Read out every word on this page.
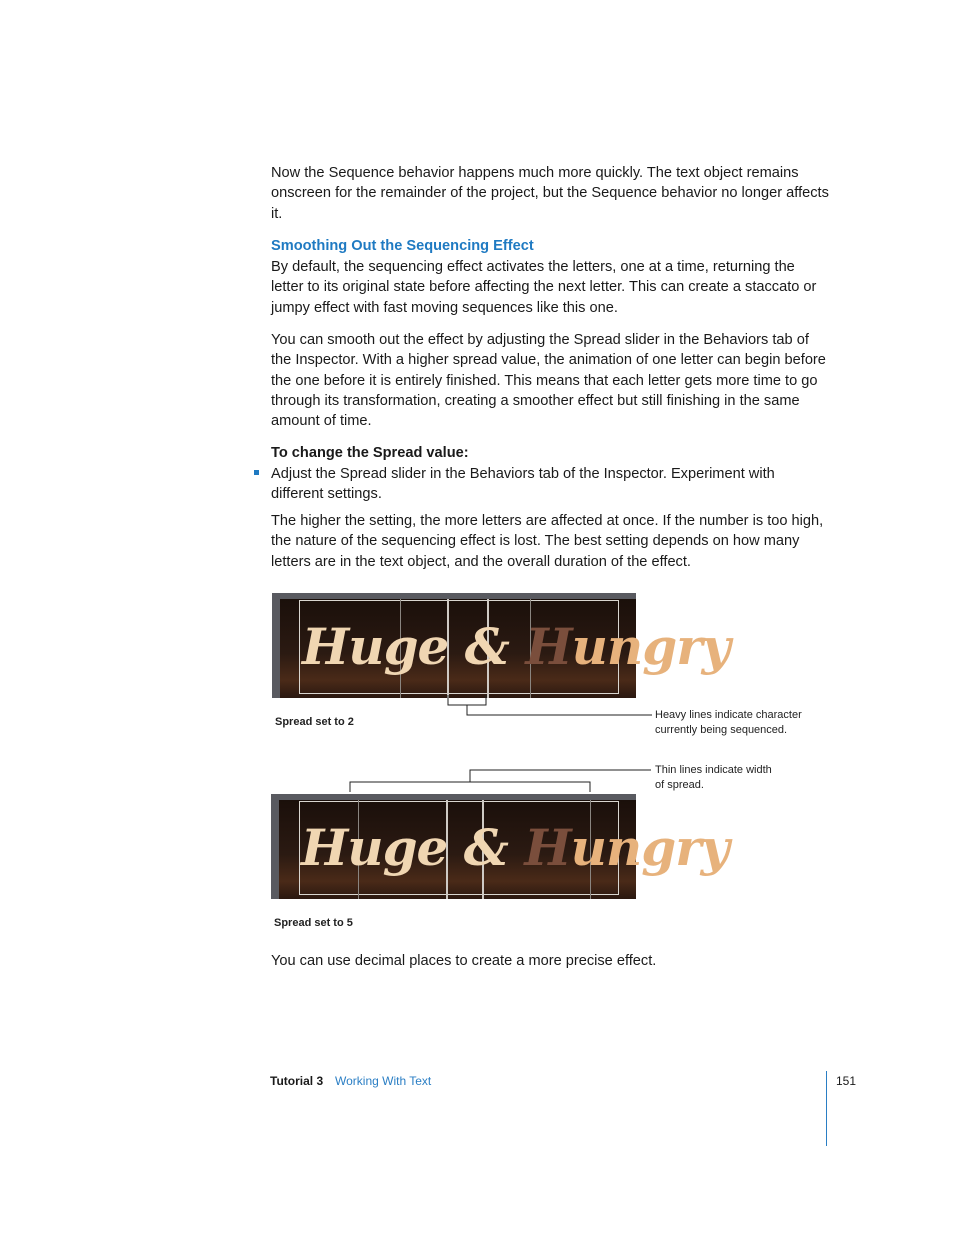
Now the Sequence behavior happens much more quickly. The text object remains onscreen for the remainder of the project, but the Sequence behavior no longer affects it.

Smoothing Out the Sequencing Effect

By default, the sequencing effect activates the letters, one at a time, returning the letter to its original state before affecting the next letter. This can create a staccato or jumpy effect with fast moving sequences like this one.

You can smooth out the effect by adjusting the Spread slider in the Behaviors tab of the Inspector. With a higher spread value, the animation of one letter can begin before the one before it is entirely finished. This means that each letter gets more time to go through its transformation, creating a smoother effect but still finishing in the same amount of time.

To change the Spread value:
Adjust the Spread slider in the Behaviors tab of the Inspector. Experiment with different settings.

The higher the setting, the more letters are affected at once. If the number is too high, the nature of the sequencing effect is lost. The best setting depends on how many letters are in the text object, and the overall duration of the effect.

Huge & Hungry
Spread set to 2
Heavy lines indicate character
currently being sequenced.
Thin lines indicate width
of spread.
Huge & Hungry
Spread set to 5

You can use decimal places to create a more precise effect.

Tutorial 3 Working With Text	151
